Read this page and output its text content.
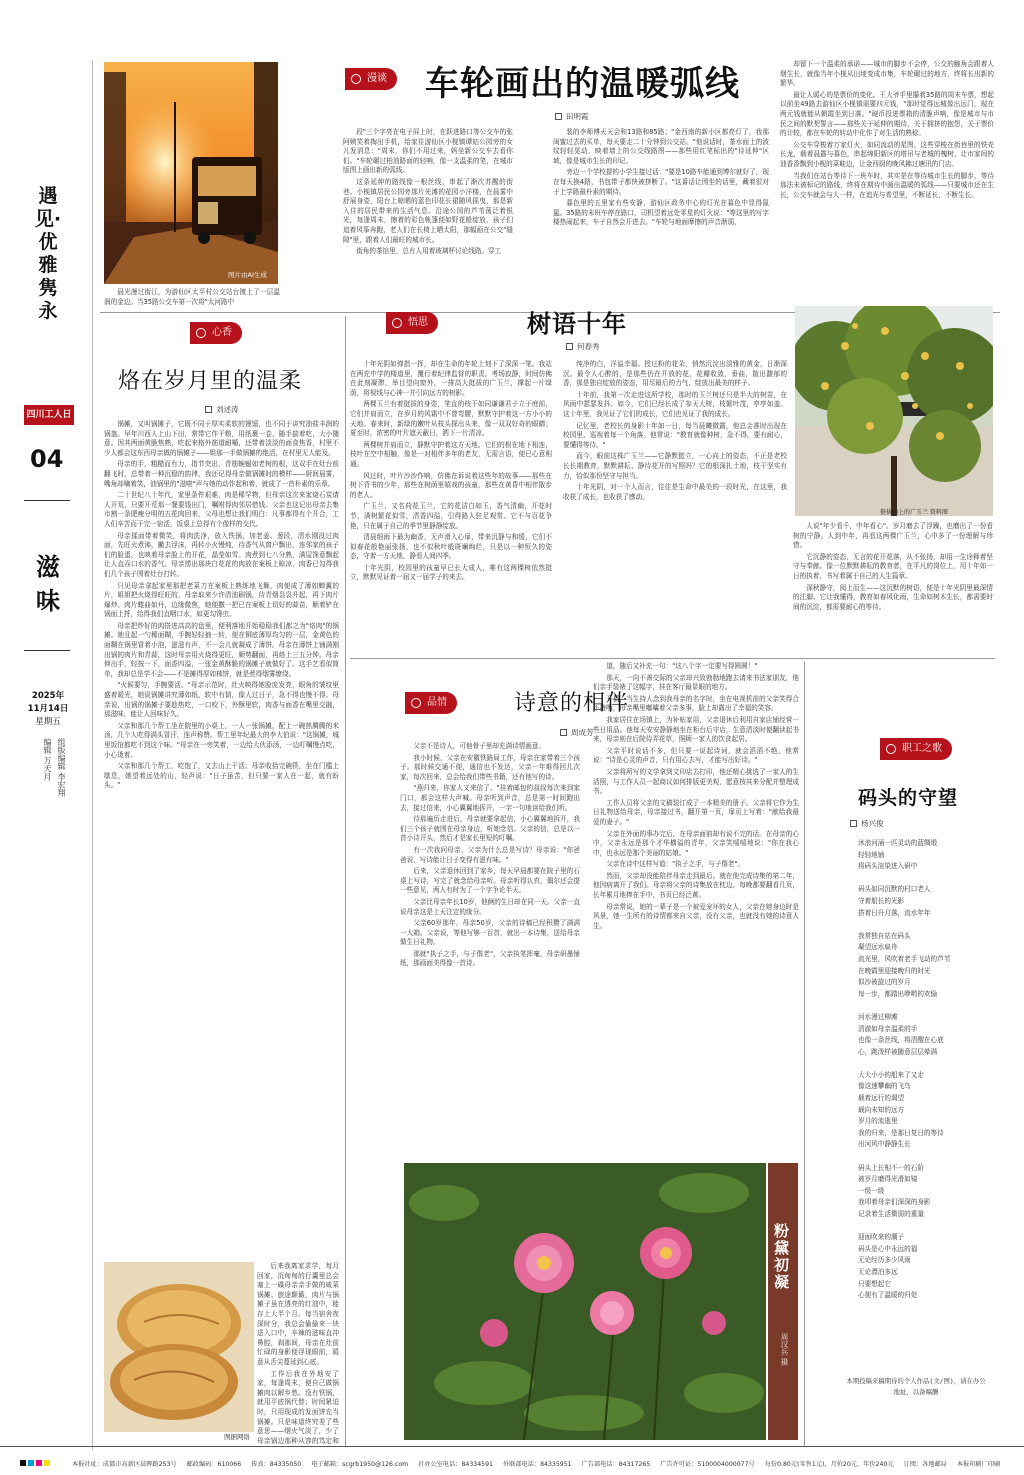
遇见·优雅隽永
四川工人日报
04
滋味
2025年
11月14日
星期五
编辑 万天月 组版编辑 李宏翔
图片由AI生成
漫谈 车轮画出的温暖弧线
田明霞

晨光漫过街江，为游仙区太平村公交站台镀上了一层温润的金边。当35路公交车第一次将"太河路中

段"三个字亮在电子屏上时，在跃进路口等公交车的张阿姨笑着掏出手机，给家住游仙区小枧镇谭姑公园旁的女儿发消息："周末，你们不用过来，妈坐新公交车去看你们。"车轮碾过柏油路面的轻响，像一支温柔的笔，在城市版图上画出新的弧线。

这条延伸的路线像一根丝线，串起了渐次苏醒的街巷。小枧镇居民公园旁那片光滩的花园小洋楼，在晨雾中舒展身姿，阳台上晾晒的蓝色印花长裙随风摇曳，那是新入住的居民带来的生活气息。沿途公园的芦苇荡泛着银光，每逢周末，擦着的彩色帐篷便如野花般绽放，孩子们追着风筝奔跑，老人们在长椅上晒太阳，那幅画在公交"缝隙"里，跟着人们最旺的城市长。

街角的茶馆里，总有人用着玻璃杯讨论线路。穿工

装的李师傅天天会和13路和85路；"金西南的新小区都亮灯了，我那闺蜜过去的买单，每天要走二十分钟到公交站。"他说话时，茶水面上的波纹轻轻晃动，映着墙上的公交线路图——那些用红笔标出的"待延伸"区域，像是城市生长的印记。

旁边一个学校提的小学生接过话："要是10路车能通到博尔就好了，现在每天换4路，书包带子都快被挤断了。"这番话让围坐的话里，藏着很对于上学路最朴素的期待。

暮色里的五里家有些安静，游仙区政务中心的灯光在暮色中显得氤氲。35路的末班车停在路口，司机望着远处零星的灯火说："等这里的写字楼热闹起来，车子自然会开进去。"车轮与地面摩擦的声音渐弱，

却留下一个温柔的承诺——城市的脚步不会停，公交的触角会跟着人烟生长，就像当年小枧从田埂变成市集，车轮碾过的地方，终将长出新的繁华。

最让人暖心的是票价的变化。王大爷手里攥着35路的周末车票，想起以前坐49路去游仙区小枧镇需要四元钱，"那时觉得远城像出远门，现在两元钱就能从朝霞坐到日落。"硬币投进票箱的清脆声响，像是城市与市民之间的默契誓言——那些关于延伸的期待，关于拥挤的抱怨，关于票价的计较，都在车轮的转动中化作了对生活的熟稔。

公交车穿梭着万家灯火，如同流动的星图，这些穿梭在街巷里的铁壳长龙，载着晨露与暮色，串起绵阳新区的塔吊与老城的槐树，让市家间的油香香飘到小枧的菜畦边，让金西厨的晚风拂过塘汛的门店。

当我们在站台等待下一班车时，其实是在等待城市生长的脚步，等待那法未被标记的路线，终将在期待中画出温暖的弧线——只要城市还在生长，公交车就会与人一样，在追光与希望里，不断延长，不断生长。

心香
烙在岁月里的温柔
刘述涛

锅摊，又叫锅摊子，它既不同于厚实柔软的馒馍，也不同于讲究油盐丰润的锅盔。早年川西人上山下田，常带它作干粮，用纸裹一卷，随手揣着吃，大小随意。因其两面黄脆焦熟，吃起来格外筋道耐嚼，还带着淡淡的面食焦香，村里不少人都会这东西母亲做的锅摊子——姐那一手做锅摊的绝活，在村里无人能及。

母亲的手，粗糙而有力，指节突出，青筋蜿蜒如老树的根，这双手在灶台前翻飞时，总带着一种沉稳的韵律，我还记得母亲做锅摊时的模样——厨间晨雾，嘴角却噙着笑，油锅里的"滋啦"声与她的动作起和着，就成了一首朴素的乐章。

二十世纪八十年代，家里条件艰难，肉是稀罕物，但母亲这次来家烧石炭请人开荒，只要开荒那一餐要钱出门，嘱咐得肉邻居借钱。父亲也这记出母亲去集市割一条肥瘦分明的五花肉回来，父母也想让我们明白：凡事都得有个开合，工人们辛苦而干完一宿活，饭桌上总得有个像样的交代。

母亲揉面带着微笑，将肉洗净，放入铁锅，加老姜、葱段，清水刚没过肉面，先旺火煮沸，撇去浮沫，再转小火慢炖，待香气从窗户飘出，连邻家的孩子们的脸蛋，也映着母亲脸上的开花，晶莹如雪。肉煮到七八分熟，满屋馋意飘起让人直吞口水的香气。母亲捞出那块白花花的肉放在案板上晾凉，肉香已勾得我们几个孩子围着灶台打转。

只见母亲拿起家里那把老菜刀在案板上熟练地飞舞，肉便成了薄如蝉翼的片，姐姐把火烧得旺旺的，母亲取来少许清油刷锅，待青烟袅袅升起，再下肉片爆炒。肉片蜷曲如丹，边缘微焦，她便撒一把已在案板上切好的蒜苗，顺着铲在锅面上捋，给得我们直咽口水，如更勾馋虫。

母亲把炒好的肉搭进高高的盘里，便利落地开始稳稳我们都之为"烙肉"的锅摊。她且起一勺稀面糊，手腕轻轻抽一转，便在铜底薄厚均匀的一层，金黄色的面糊在锅里冒着小泡，滋滋有声，不一会儿就凝成了薄饼。母亲在薄饼上铺满刚出锅的肉片和青蒜，这时母亲用火烧得更旺，顺势翻面，再烙上三五分钟。母亲伸出手，轻按一下，面香四溢，一张金黄酥脆的锅摊子就做好了。这手艺看似简单，我却总是学不会——不是摊得厚如柿饼，就是煮得烟雾缭绕。

"火候要匀，手腕要活。"母亲示范时，灶火映得她脸庞发亮，眼角的皱纹里盛着暖光，她说锅摊讲究薄如纸，软中有韧，像人过日子，急不得也慢不得。母亲说，出锅的锅摊子要趁热吃，一口咬下，外酥里软，肉香与面香在嘴里交融，那滋味，能让人回味好久。

父亲和那几个帮工坐在院里的小桌上，一人一张锅摊，配上一碗热腾腾的米汤，几个人吃得满头冒汗，连声称赞。帮工里年纪最大的李大伯说："这锅摊，城里饭馆都吃不到这个味。"母亲在一旁笑着，一边给大伙添汤，一边叮嘱慢点吃，小心烫着。

父亲和那几个帮工，吃饱了，又去山上干活。母亲收拾完碗筷，坐在门槛上歇息，她望着远处的山，轻声说："日子虽苦，但只要一家人在一起，就有盼头。"

图据网络

后来我离家求学，每月回家，沉甸甸的行囊里总会塞上一碟母亲亲手做的咸菜锅摊。旅途颠簸，肉片与锅摊子虽在透亮的红油中，能存上大半个月。每当宿舍夜深时分，我总会偷偷来一块送入口中，辛辣的滋味直冲鼻腔，刹那间，母亲在灶前忙碌的身影便浮现眼前，暖意从舌尖蔓延到心底。

工作后我在外地安了家，每逢周末，便自己做锅摊肉以解乡愁。没有铁锅，就用平底锅代替；时间紧迫时，只用现成的发面饼充当锅摊。只是味道终究差了些意思——烟火气淡了，少了母亲锅边那种从容的笃定和

悟思	树语十年
何春秀

十年光阴如弹指一挥，却在生命的年轮上刻下了深深一笔。我站在两充中学的楼道里，覆行着纪律监督的职责。考场寂静，时间仿佛在此刻凝滞，举目望向窗外，一排高大挺拔的广玉兰，撑起一片绿荫，将视线与心神一并引向远方的树影。

两棵玉兰有着挺拔的身姿，笔直的枝干如同谦谦君子立于庭前，它们并肩而立，在岁月的风霜中不曾弯腰，默默守护着这一方小小的天地。春来时，新绿的嫩叶从枝头探出头来，像一双双好奇的眼睛；夏至时，浓密的叶片遮天蔽日，洒下一片清凉。

两棵树并肩而立，静默守护着这方天地。它们的根在地下相连，枝叶在空中相触，像是一对相伴多年的老友，无需言语，便已心意相通。

风过时，叶片沙沙作响，仿佛在诉说着这些年的故事——那些在树下背书的少年，那些在树荫里嬉戏的孩童，那些在黄昏中相伴散步的老人。

广玉兰，又名荷花玉兰，它的花洁白如玉，香气清幽，开花时节，满树繁花似雪，清香四溢，引得路人驻足观赏。它不与百花争艳，只在属于自己的季节里静静绽放。

清晨细雨下最为幽香，无声滑入心扉，带来沉静与和缓，它们不似春花般艳丽张扬，也不似秋叶般斑斓绚烂，只是以一种恒久的姿态，守着一方天地，静看人间四季。

十年光阴，校园里的孩童早已长大成人，唯有这两棵树依然挺立，默默见证着一届又一届学子的来去。

纯净的白，洋溢幸福。授过粉的花朵，悄然沉淀出淡雅的黄金，日渐深沉。最令人心醉的，是那些仍在开放的花，花瓣收敛，垂曲，散出馥郁的香，那是独自绽放的姿态，用尽最后的力气，绽放出最美的样子。

十年前，我第一次走进这所学校，那时的玉兰树还只是半大的树苗，在风雨中瑟瑟发抖。如今，它们已经长成了参天大树，枝繁叶茂，亭亭如盖。这十年里，我见证了它们的成长，它们也见证了我的成长。

记忆里，老校长的身影十年如一日，每当晨曦微露，他总会准时出现在校园里，巡视着每一个角落。他常说："教育就像种树，急不得，要有耐心，要懂得等待。"

而今，眼前这株广玉兰——它静默挺立，一心向上的姿态，不正是老校长长期教育，默默耕耘、静待花开的写照吗？它的根深扎土地，枝干坚实有力，恰似那份坚守与担当。

十年光阴，对一个人而言，往往是生命中最美的一段时光，在这里，我收获了成长，也收获了感动。

挺拔向上的广玉兰 资料图

人说"年少看千，中年看心"。岁月磨去了浮躁，也磨出了一份看树的宁静。人到中年，再看这两棵广玉兰，心中多了一份理解与珍惜。

它沉静的姿态，无言的花开花落，从不张扬，却用一生诠释着坚守与奉献。像一位默默耕耘的教育者，在平凡的岗位上，用十年如一日的执着，书写着属于自己的人生篇章。

深秋静守，阅上而生——这沉默的树语，便是十年光阴里最深情的注脚。它让我懂得，教育如春风化雨，生命如树木生长，都需要时间的沉淀，都需要耐心的等待。

品情	诗意的相伴
周成芳

父亲不是诗人，可他骨子里却充满诗情画意。

我小时候，父亲在安徽铁路局工作，母亲在家带着三个孩子。那时候交通不便，通信也不发达，父亲一年难得回几次家，每次回来，总会给我们带些书籍，还有他写的诗。

"燕归来，你家人又来信了。"挂着邮包的叔叔每次来到家门口，都会这样大声喊。母亲听到声音，总是第一时间跑出去，接过信来，小心翼翼地拆开，一字一句地读给我们听。

待那遍历走进后，母亲就要拿起信，小心翼翼地拆开，我们三个孩子就围在母亲身边，听她念信。父亲的信，总是以一首小诗开头，然后才是家长里短的叮嘱。

有一次我问母亲，父亲为什么总是写诗？母亲说："你爸爸说，写诗能让日子变得有滋有味。"

后来，父亲退休回到了家乡，每天早晨都要在院子里的石桌上写诗，写完了就念给母亲听。母亲听得认真，偶尔还会提一些意见，两人有时为了一个字争论半天。

父亲比母亲年长10岁，他俩的生日却在同一天。父亲一直说母亲这是上天注定的缘分。

父亲60岁那年，母亲50岁，父亲的诗稿已经积攒了满满一大箱。父亲说，等他写够一百首，就出一本诗集，送给母亲做生日礼物。

那就"执子之手，与子偕老"，父亲执笔挥毫，母亲研墨铺纸，那画面美得像一首诗。

道，随后又补充一句："这八个字一定要写得圆圆！"

那天，一向不善交际的父亲却兴致勃勃地跑去请来书法家朋友，他们亲手装裱了这幅字，挂在客厅最显眼的地方。

开播，当生持人念到我母亲的名字时，坐在电视机前的父亲笑得合不拢嘴，母亲嘴里嘟囔着父亲多事，脸上却露出了幸福的笑容。

我家居住在场镇上，为补贴家用，父亲退休后利用自家店铺经营一些日用品。他每天安安静静地坐在柜台后守店，生意清淡时便翻读起书来，母亲则在后院侍弄花草，照顾一家人的饮食起居。

父亲平时说话不多，但只要一说起诗词，就会滔滔不绝。他常说："诗是心灵的声音，只有用心去写，才能写出好诗。"

父亲将所写的文学拿到文印店去打印，他还精心挑选了一家人的生活照，与工作人员一起商议如何排版更美观，愿意按其来分配并整理成书。

工作人员将父亲的文稿装订成了一本精美的册子。父亲将它作为生日礼物送给母亲，母亲接过书，翻开第一页，扉页上写着："献给我最爱的妻子。"

父亲在外面的事办完后，在母亲面前却有说不完的话。在母亲的心中，父亲永远是那个才华横溢的青年，父亲笑嘻嘻地说："你在我心中，也永远是那个美丽的姑娘。"

父亲在诗中这样写道："执子之手，与子偕老"。

然而，父亲却没能陪伴母亲走到最后。就在他完成诗集的第二年，他因病离开了我们。母亲将父亲的诗集放在枕边，每晚都要翻看几页，长年累月地捧在手中，书页已经泛黄。

母亲常说，她的一辈子是一个被爱宠坏的女人，父亲在她身边时是风景，她一生所有的诗情都来自父亲，没有父亲，也就没有她的诗意人生。

粉黛初凝
周汉兵 摄
职工之歌
码头的守望
杨兴俊
沐浪河涌一匹灵动的蓝绸缎
轻轻地铺
将码头渲染进入研中

码头如同沉默的村口老人
守着船长的光影
搭着日升月落，流水年年

我常独自站在码头
凝望远水扁舟
流光里，风吹着老手飞动的芦苇
在晚霞里迎接晚归的时光
似沙被旋过的岁月
每一步，都踏出咿哟的欢愉

河水漫过柳滩
清澈如母亲温柔的手
也像一条丝线，将清醒在心底
心，跳泼样被随意层层晕满

大大小小的船来了又走
像这速攀幽的飞鸟
载着远行的渴望
载向未知的远方
岁月的流逝里
我的归来，是那日复日的等待
出河风中静静生长

码头上长相不一的石阶
被岁月磨得光滑如镜
一级一级
我叩着母亲们深深的身影
记录着生活微弱的重量

迎面吹来的潮子
码头是心中永远的福
无论经历多少风雨
无论漂泊多远
只要想起它
心便有了温暖的归处
本期投稿来稿期待的个人作品(文/图)，请在办公地址，以备稿酬
本报社址：成都市高新区晨晖路253号 邮政编码：610066 传真：84335050 电子邮箱：scgrb1950@126.com 社办公室电话：84334591 外联部电话：84335951 广告部电话：84317265 广告许可证：5100004000077号 每份0.80元(零售1元)，月价20元，年价240元 订阅：各地邮局 本报印刷厂印刷
